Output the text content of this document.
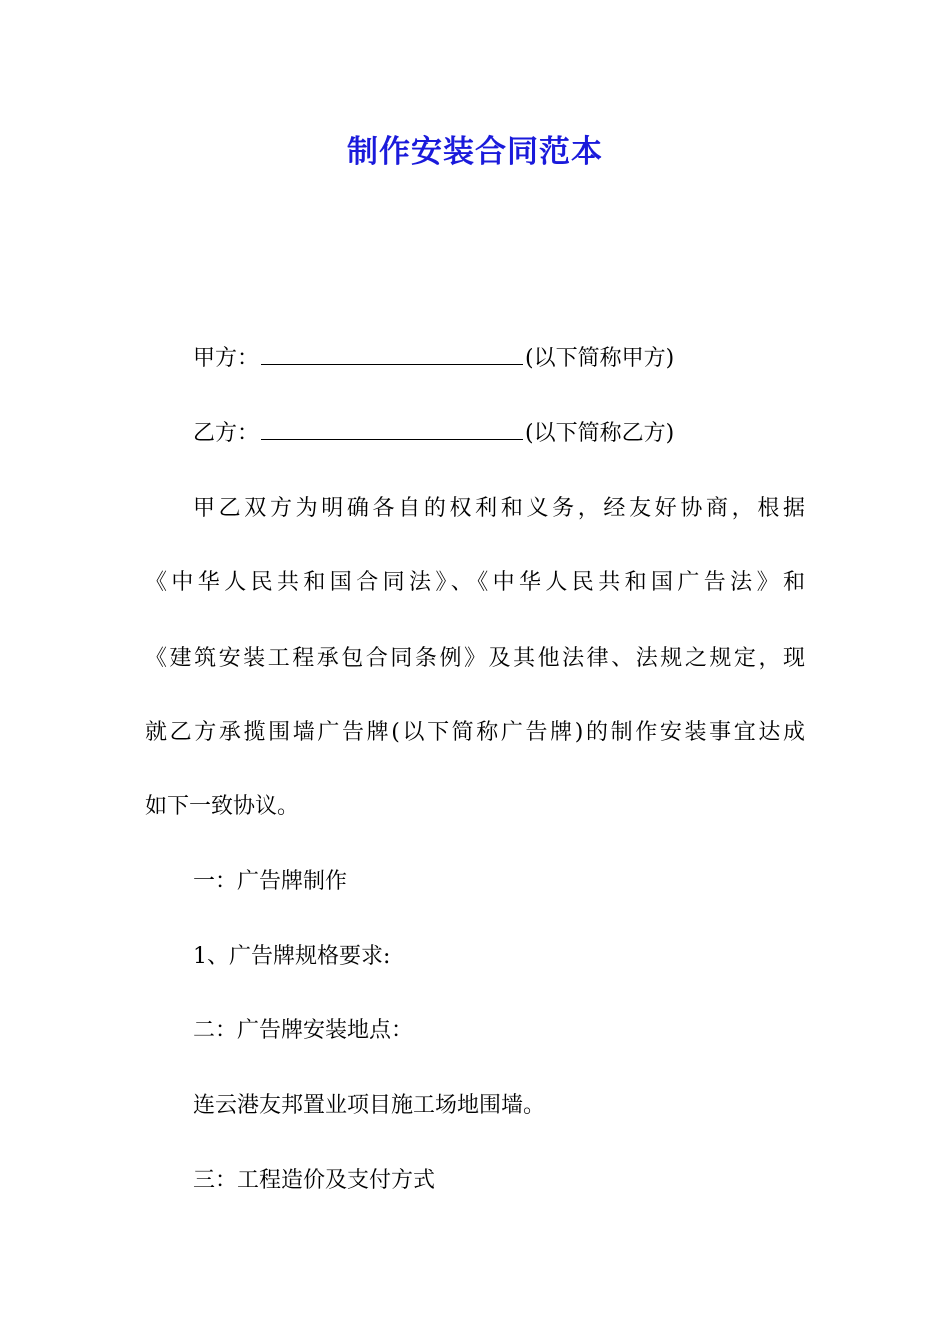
制作安装合同范本
甲方：	(以下简称甲方)
乙方：	(以下简称乙方)
甲乙双方为明确各自的权利和义务，经友好协商，根据
《中华人民共和国合同法》、《中华人民共和国广告法》和
《建筑安装工程承包合同条例》及其他法律、法规之规定，现
就乙方承揽围墙广告牌(以下简称广告牌)的制作安装事宜达成
如下一致协议。
一：广告牌制作
1、广告牌规格要求:
二：广告牌安装地点：
连云港友邦置业项目施工场地围墙。
三：工程造价及支付方式
